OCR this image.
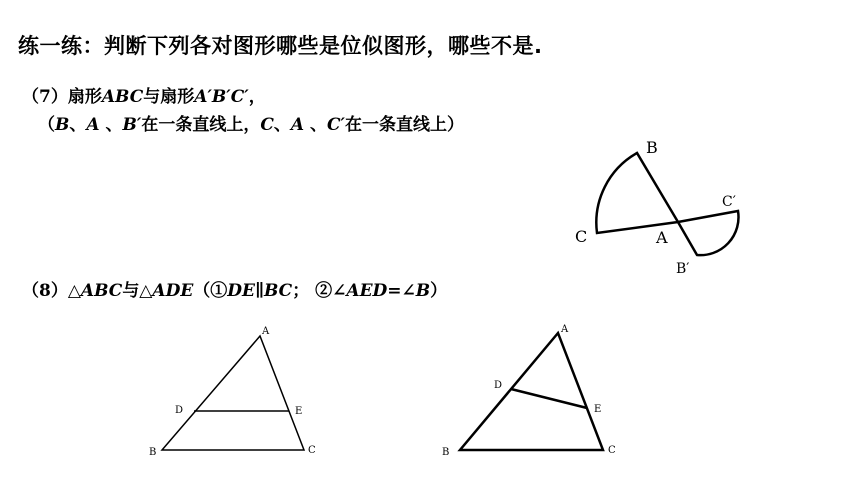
练一练：判断下列各对图形哪些是位似图形，哪些不是.
（7）扇形ABC与扇形A′B′C′，
（B、A 、B′在一条直线上，C、A 、C′在一条直线上）
（8）△ABC与△ADE（①DE∥BC； ②∠AED=∠B）
B
A
C
C′
B′
A
D	E
B	C
A
D
E
B	C
